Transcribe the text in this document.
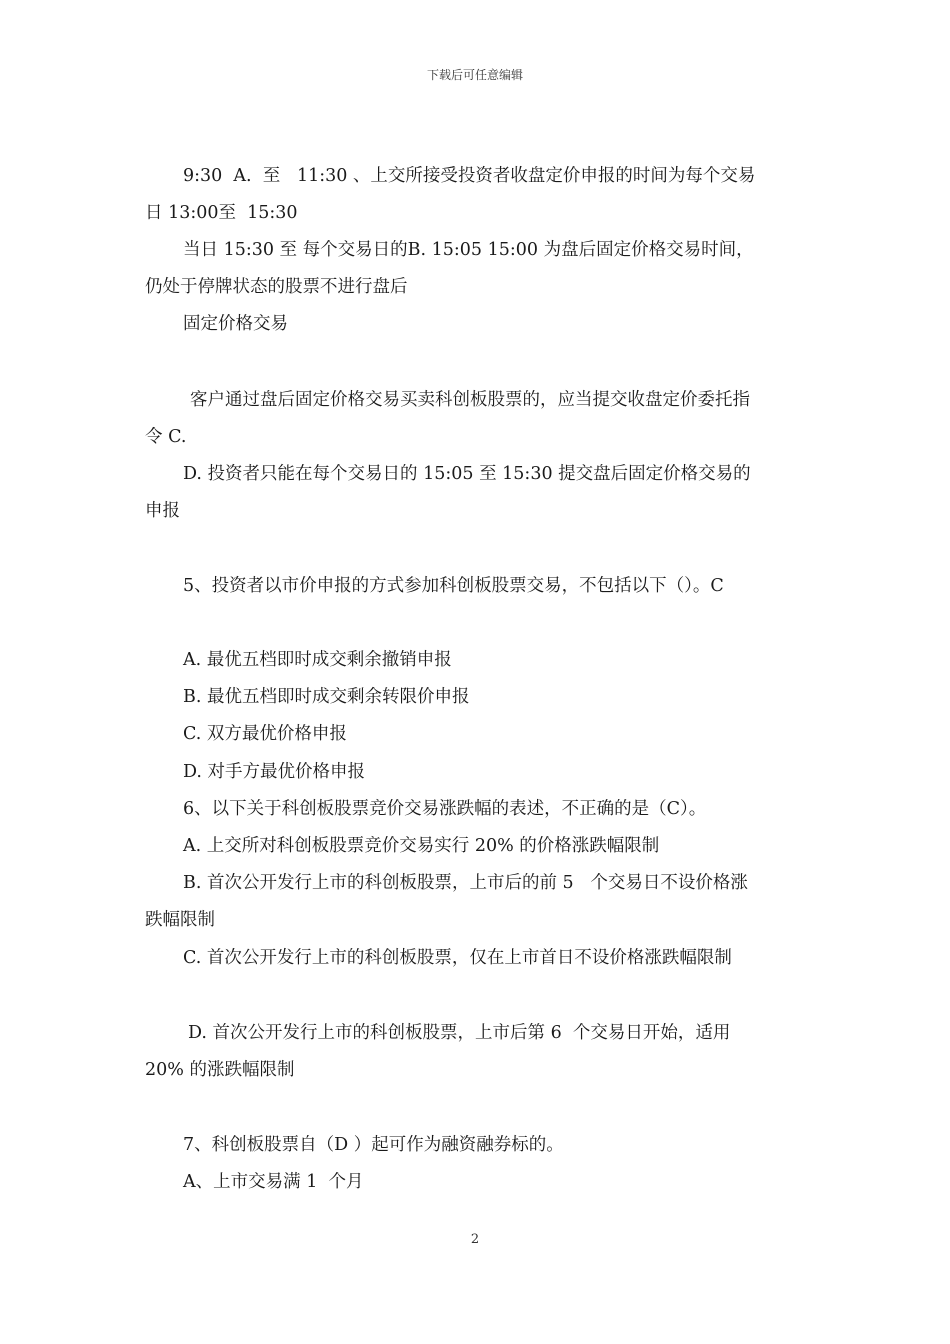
下载后可任意编辑
9:30  A.  至   11:30 、上交所接受投资者收盘定价申报的时间为每个交易
日 13:00至  15:30
当日 15:30 至 每个交易日的B. 15:05 15:00 为盘后固定价格交易时间，
仍处于停牌状态的股票不进行盘后
固定价格交易
客户通过盘后固定价格交易买卖科创板股票的，应当提交收盘定价委托指
令 C.
D. 投资者只能在每个交易日的 15:05 至 15:30 提交盘后固定价格交易的
申报
5、投资者以市价申报的方式参加科创板股票交易，不包括以下（）。C
A. 最优五档即时成交剩余撤销申报
B. 最优五档即时成交剩余转限价申报
C. 双方最优价格申报
D. 对手方最优价格申报
6、以下关于科创板股票竞价交易涨跌幅的表述，不正确的是（C）。
A. 上交所对科创板股票竞价交易实行 20% 的价格涨跌幅限制
B. 首次公开发行上市的科创板股票，上市后的前 5   个交易日不设价格涨
跌幅限制
C. 首次公开发行上市的科创板股票，仅在上市首日不设价格涨跌幅限制
D. 首次公开发行上市的科创板股票，上市后第 6  个交易日开始，适用
20% 的涨跌幅限制
7、科创板股票自（D ）起可作为融资融券标的。
A、上市交易满 1  个月
2
